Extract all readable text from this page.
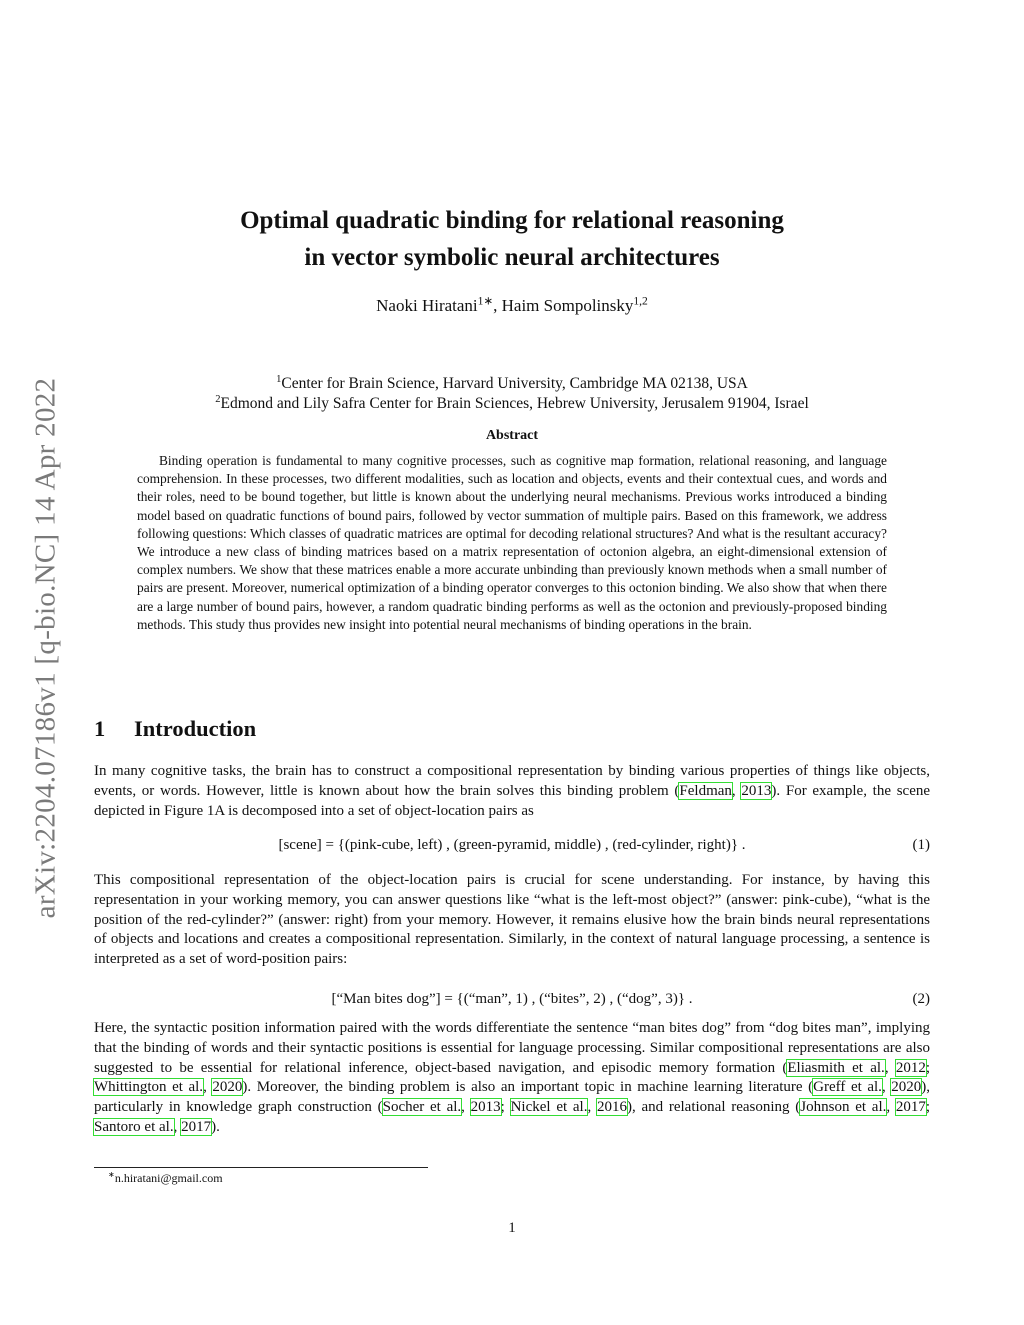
arXiv:2204.07186v1 [q-bio.NC] 14 Apr 2022
Optimal quadratic binding for relational reasoning
in vector symbolic neural architectures
Naoki Hiratani$^{1∗}$, Haim Sompolinsky$^{1,2}$
$^1$Center for Brain Science, Harvard University, Cambridge MA 02138, USA
$^2$Edmond and Lily Safra Center for Brain Sciences, Hebrew University, Jerusalem 91904, Israel
Abstract
Binding operation is fundamental to many cognitive processes, such as cognitive map formation, relational reasoning, and language comprehension. In these processes, two different modalities, such as location and objects, events and their contextual cues, and words and their roles, need to be bound together, but little is known about the underlying neural mechanisms. Previous works introduced a binding model based on quadratic functions of bound pairs, followed by vector summation of multiple pairs. Based on this framework, we address following questions: Which classes of quadratic matrices are optimal for decoding relational structures? And what is the resultant accuracy? We introduce a new class of binding matrices based on a matrix representation of octonion algebra, an eight-dimensional extension of complex numbers. We show that these matrices enable a more accurate unbinding than previously known methods when a small number of pairs are present. Moreover, numerical optimization of a binding operator converges to this octonion binding. We also show that when there are a large number of bound pairs, however, a random quadratic binding performs as well as the octonion and previously-proposed binding methods. This study thus provides new insight into potential neural mechanisms of binding operations in the brain.
1 Introduction
In many cognitive tasks, the brain has to construct a compositional representation by binding various properties of things like objects, events, or words. However, little is known about how the brain solves this binding problem (Feldman, 2013). For example, the scene depicted in Figure 1A is decomposed into a set of object-location pairs as
[scene] = {(pink-cube, left) , (green-pyramid, middle) , (red-cylinder, right)} .	(1)
This compositional representation of the object-location pairs is crucial for scene understanding. For instance, by having this representation in your working memory, you can answer questions like “what is the left-most object?” (answer: pink-cube), “what is the position of the red-cylinder?” (answer: right) from your memory. However, it remains elusive how the brain binds neural representations of objects and locations and creates a compositional representation. Similarly, in the context of natural language processing, a sentence is interpreted as a set of word-position pairs:
[“Man bites dog”] = {(“man”, 1) , (“bites”, 2) , (“dog”, 3)} .	(2)
Here, the syntactic position information paired with the words differentiate the sentence “man bites dog” from “dog bites man”, implying that the binding of words and their syntactic positions is essential for language processing. Similar compositional representations are also suggested to be essential for relational inference, object-based navigation, and episodic memory formation (Eliasmith et al., 2012; Whittington et al., 2020). Moreover, the binding problem is also an important topic in machine learning literature (Greff et al., 2020), particularly in knowledge graph construction (Socher et al., 2013; Nickel et al., 2016), and relational reasoning (Johnson et al., 2017; Santoro et al., 2017).
∗n.hiratani@gmail.com
1
